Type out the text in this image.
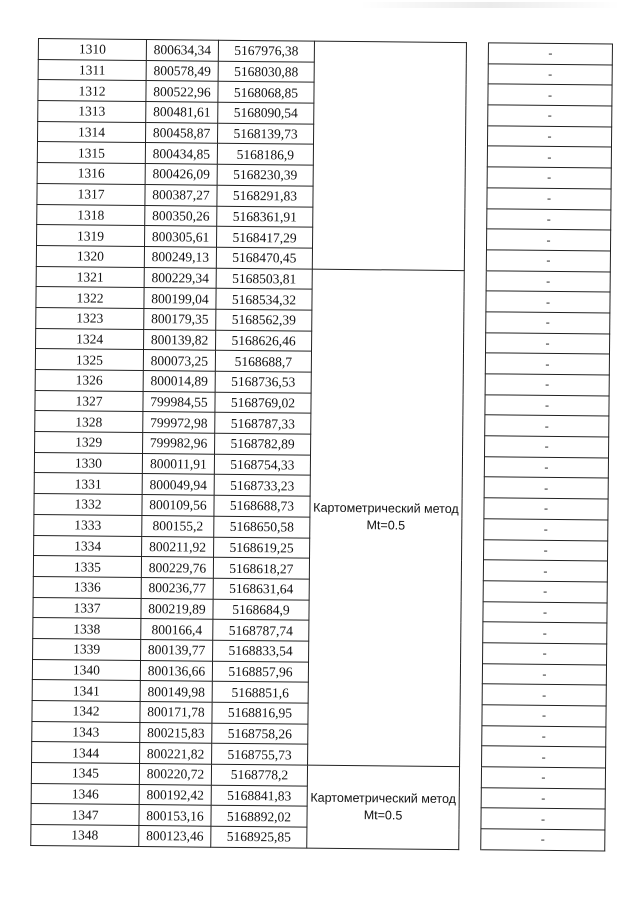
1310	800634,34	5167976,38			-
1311	800578,49	5168030,88			-
1312	800522,96	5168068,85			-
1313	800481,61	5168090,54			-
1314	800458,87	5168139,73			-
1315	800434,85	5168186,9			-
1316	800426,09	5168230,39			-
1317	800387,27	5168291,83			-
1318	800350,26	5168361,91			-
1319	800305,61	5168417,29			-
1320	800249,13	5168470,45			-
1321	800229,34	5168503,81	Картометрический метод Mt=0.5		-
1322	800199,04	5168534,32			-
1323	800179,35	5168562,39			-
1324	800139,82	5168626,46			-
1325	800073,25	5168688,7			-
1326	800014,89	5168736,53			-
1327	799984,55	5168769,02			-
1328	799972,98	5168787,33			-
1329	799982,96	5168782,89			-
1330	800011,91	5168754,33			-
1331	800049,94	5168733,23			-
1332	800109,56	5168688,73			-
1333	800155,2	5168650,58			-
1334	800211,92	5168619,25			-
1335	800229,76	5168618,27			-
1336	800236,77	5168631,64			-
1337	800219,89	5168684,9			-
1338	800166,4	5168787,74			-
1339	800139,77	5168833,54			-
1340	800136,66	5168857,96			-
1341	800149,98	5168851,6			-
1342	800171,78	5168816,95			-
1343	800215,83	5168758,26			-
1344	800221,82	5168755,73			-
1345	800220,72	5168778,2	Картометрический метод Mt=0.5		-
1346	800192,42	5168841,83			-
1347	800153,16	5168892,02			-
1348	800123,46	5168925,85			-
